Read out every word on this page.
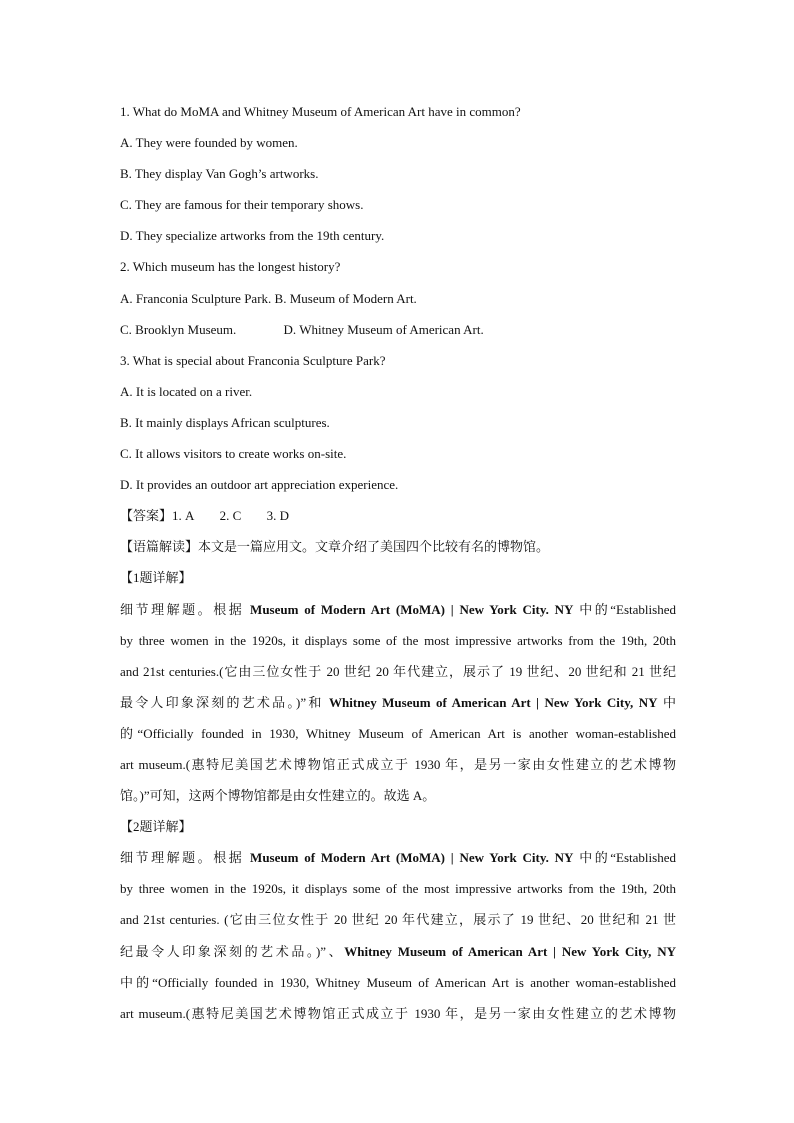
1. What do MoMA and Whitney Museum of American Art have in common?
A. They were founded by women.
B. They display Van Gogh’s artworks.
C. They are famous for their temporary shows.
D. They specialize artworks from the 19th century.
2. Which museum has the longest history?
A. Franconia Sculpture Park. B. Museum of Modern Art.
C. Brooklyn Museum.	D. Whitney Museum of American Art.
3. What is special about Franconia Sculpture Park?
A. It is located on a river.
B. It mainly displays African sculptures.
C. It allows visitors to create works on-site.
D. It provides an outdoor art appreciation experience.
【答案】1. A 2. C 3. D
【语篇解读】本文是一篇应用文。文章介绍了美国四个比较有名的博物馆。
【1题详解】
细节理解题。根据 Museum of Modern Art (MoMA) | New York City. NY 中的“Established
by three women in the 1920s, it displays some of the most impressive artworks from the 19th, 20th
and 21st centuries.(它由三位女性于 20 世纪 20 年代建立，展示了 19 世纪、20 世纪和 21 世纪
最令人印象深刻的艺术品。)”和 Whitney Museum of American Art | New York City, NY 中
的“Officially founded in 1930, Whitney Museum of American Art is another woman-established
art museum.(惠特尼美国艺术博物馆正式成立于 1930 年，是另一家由女性建立的艺术博物
馆。)”可知，这两个博物馆都是由女性建立的。故选 A。
【2题详解】
细节理解题。根据 Museum of Modern Art (MoMA) | New York City. NY 中的“Established
by three women in the 1920s, it displays some of the most impressive artworks from the 19th, 20th
and 21st centuries. (它由三位女性于 20 世纪 20 年代建立，展示了 19 世纪、20 世纪和 21 世
纪最令人印象深刻的艺术品。)”、Whitney Museum of American Art | New York City, NY
中的“Officially founded in 1930, Whitney Museum of American Art is another woman-established
art museum.(惠特尼美国艺术博物馆正式成立于 1930 年，是另一家由女性建立的艺术博物
